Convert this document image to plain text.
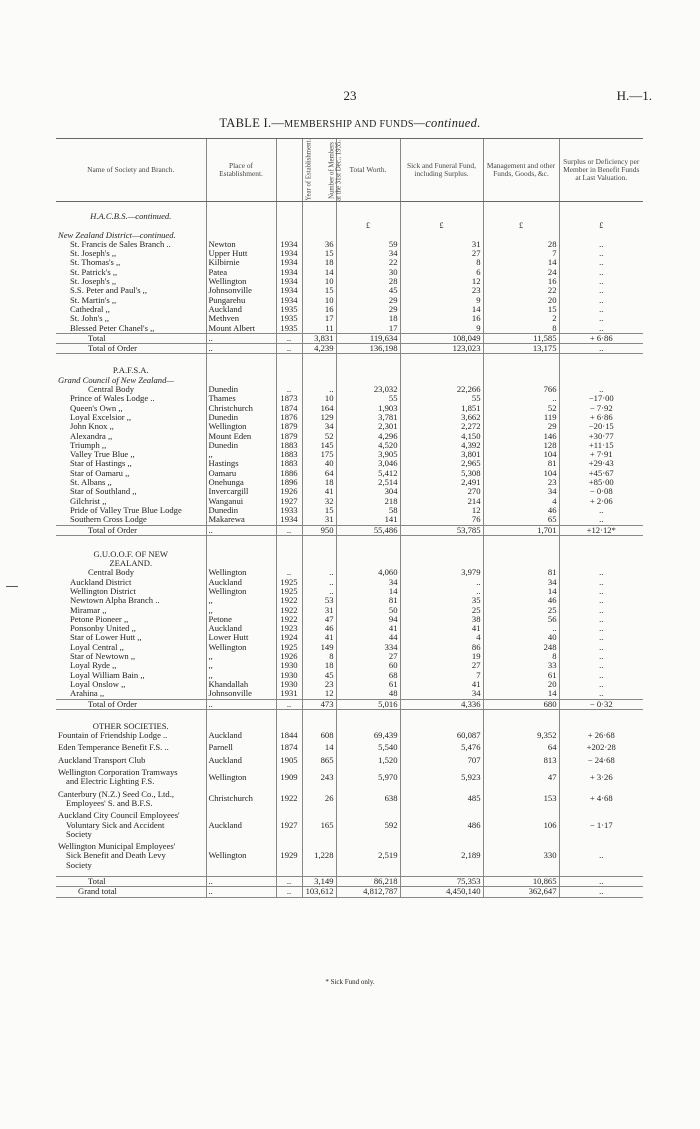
23	H.—1.
TABLE I.—MEMBERSHIP AND FUNDS—continued.
Name of Society and Branch.	Place of Establishment.	Year of Establishment.	Number of Members at the 31st Dec., 1935.	Total Worth.	Sick and Funeral Fund, including Surplus.	Management and other Funds, Goods, &c.	Surplus or Deficiency per Member in Benefit Funds at Last Valuation.

H.A.C.B.S.—continued.							
				£	£	£	£
New Zealand District—continued.							
St. Francis de Sales Branch ..	Newton	1934	36	59	31	28	..
St. Joseph's ,,	Upper Hutt	1934	15	34	27	7	..
St. Thomas's ,,	Kilbirnie	1934	18	22	8	14	..
St. Patrick's ,,	Patea	1934	14	30	6	24	..
St. Joseph's ,,	Wellington	1934	10	28	12	16	..
S.S. Peter and Paul's ,,	Johnsonville	1934	15	45	23	22	..
St. Martin's ,,	Pungarehu	1934	10	29	9	20	..
Cathedral ,,	Auckland	1935	16	29	14	15	..
St. John's ,,	Methven	1935	17	18	16	2	..
Blessed Peter Chanel's ,,	Mount Albert	1935	11	17	9	8	..
Total	..	..	3,831	119,634	108,049	11,585	+ 6·86
Total of Order	..	..	4,239	136,198	123,023	13,175	..

P.A.F.S.A.							
Grand Council of New Zealand—							
Central Body	Dunedin	..	..	23,032	22,266	766	..
Prince of Wales Lodge ..	Thames	1873	10	55	55	..	−17·00
Queen's Own ,,	Christchurch	1874	164	1,903	1,851	52	− 7·92
Loyal Excelsior ,,	Dunedin	1876	129	3,781	3,662	119	+ 6·86
John Knox ,,	Wellington	1879	34	2,301	2,272	29	−20·15
Alexandra ,,	Mount Eden	1879	52	4,296	4,150	146	+30·77
Triumph ,,	Dunedin	1883	145	4,520	4,392	128	+11·15
Valley True Blue ,,	,,	1883	175	3,905	3,801	104	+ 7·91
Star of Hastings ,,	Hastings	1883	40	3,046	2,965	81	+29·43
Star of Oamaru ,,	Oamaru	1886	64	5,412	5,308	104	+45·67
St. Albans ,,	Onehunga	1896	18	2,514	2,491	23	+85·00
Star of Southland ,,	Invercargill	1926	41	304	270	34	− 0·08
Gilchrist ,,	Wanganui	1927	32	218	214	4	+ 2·06
Pride of Valley True Blue Lodge	Dunedin	1933	15	58	12	46	..
Southern Cross Lodge	Makarewa	1934	31	141	76	65	..
Total of Order	..	..	950	55,486	53,785	1,701	+12·12*

G.U.O.O.F. OF NEW							
ZEALAND.							
Central Body	Wellington	..	..	4,060	3,979	81	..
Auckland District	Auckland	1925	..	34	..	34	..
Wellington District	Wellington	1925	..	14	..	14	..
Newtown Alpha Branch ..	,,	1922	53	81	35	46	..
Miramar ,,	,,	1922	31	50	25	25	..
Petone Pioneer ,,	Petone	1922	47	94	38	56	..
Ponsonby United ,,	Auckland	1923	46	41	41	..	..
Star of Lower Hutt ,,	Lower Hutt	1924	41	44	4	40	..
Loyal Central ,,	Wellington	1925	149	334	86	248	..
Star of Newtown ,,	,,	1926	8	27	19	8	..
Loyal Ryde ,,	,,	1930	18	60	27	33	..
Loyal William Bain ,,	,,	1930	45	68	7	61	..
Loyal Onslow ,,	Khandallah	1930	23	61	41	20	..
Arahina ,,	Johnsonville	1931	12	48	34	14	..
Total of Order	..	..	473	5,016	4,336	680	− 0·32

OTHER SOCIETIES.							

Fountain of Friendship Lodge ..	Auckland	1844	608	69,439	60,087	9,352	+ 26·68

Eden Temperance Benefit F.S. ..	Parnell	1874	14	5,540	5,476	64	+202·28

Auckland Transport Club	Auckland	1905	865	1,520	707	813	− 24·68

Wellington Corporation Tramways
and Electric Lighting F.S.	Wellington	1909	243	5,970	5,923	47	+ 3·26

Canterbury (N.Z.) Seed Co., Ltd.,
Employees' S. and B.F.S.	Christchurch	1922	26	638	485	153	+ 4·68

Auckland City Council Employees'
Voluntary Sick and Accident
Society	Auckland	1927	165	592	486	106	− 1·17

Wellington Municipal Employees'
Sick Benefit and Death Levy
Society	Wellington	1929	1,228	2,519	2,189	330	..

Total	..	..	3,149	86,218	75,353	10,865	..
Grand total	..	..	103,612	4,812,787	4,450,140	362,647	..
* Sick Fund only.
